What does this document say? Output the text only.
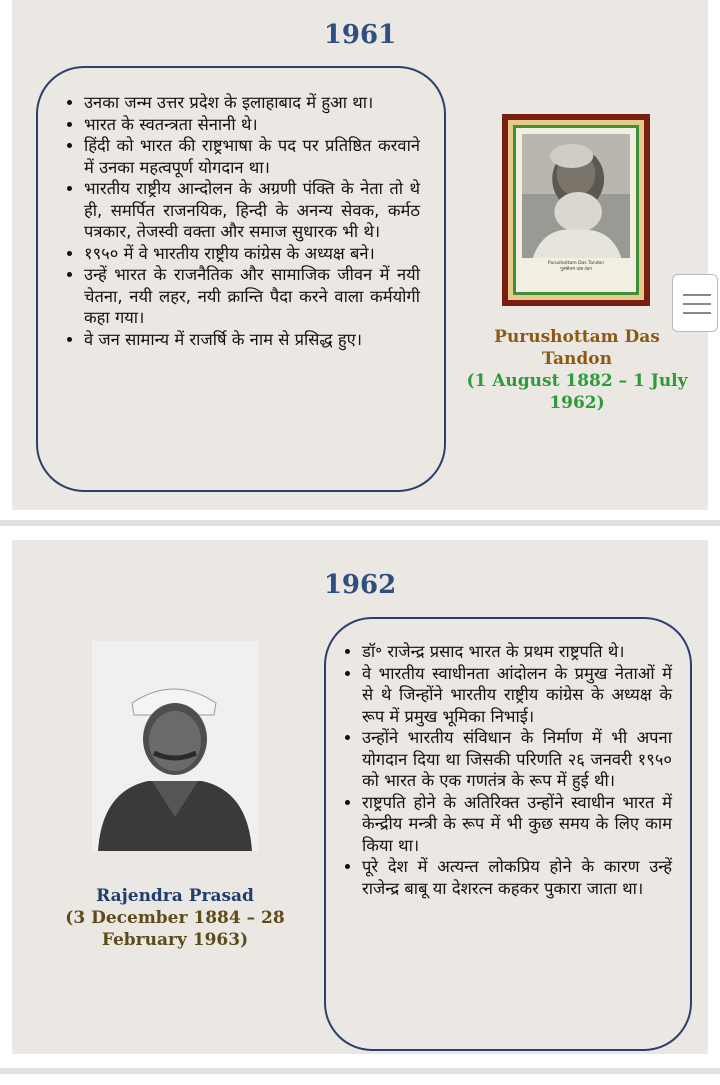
1961
• उनका जन्म उत्तर प्रदेश के इलाहाबाद में हुआ था।
• भारत के स्वतन्त्रता सेनानी थे।
• हिंदी को भारत की राष्ट्रभाषा के पद पर प्रतिष्ठित करवाने में उनका महत्वपूर्ण योगदान था।
• भारतीय राष्ट्रीय आन्दोलन के अग्रणी पंक्ति के नेता तो थे ही, समर्पित राजनयिक, हिन्दी के अनन्य सेवक, कर्मठ पत्रकार, तेजस्वी वक्ता और समाज सुधारक भी थे।
• १९५० में वे भारतीय राष्ट्रीय कांग्रेस के अध्यक्ष बने।
• उन्हें भारत के राजनैतिक और सामाजिक जीवन में नयी चेतना, नयी लहर, नयी क्रान्ति पैदा करने वाला कर्मयोगी कहा गया।
• वे जन सामान्य में राजर्षि के नाम से प्रसिद्ध हुए।
Purushottam Das Tandon
पुरुषोत्तम दास टंडन
Purushottam Das Tandon
(1 August 1882 – 1 July 1962)
1962
• डॉ॰ राजेन्द्र प्रसाद भारत के प्रथम राष्ट्रपति थे।
• वे भारतीय स्वाधीनता आंदोलन के प्रमुख नेताओं में से थे जिन्होंने भारतीय राष्ट्रीय कांग्रेस के अध्यक्ष के रूप में प्रमुख भूमिका निभाई।
• उन्होंने भारतीय संविधान के निर्माण में भी अपना योगदान दिया था जिसकी परिणति २६ जनवरी १९५० को भारत के एक गणतंत्र के रूप में हुई थी।
• राष्ट्रपति होने के अतिरिक्त उन्होंने स्वाधीन भारत में केन्द्रीय मन्त्री के रूप में भी कुछ समय के लिए काम किया था।
• पूरे देश में अत्यन्त लोकप्रिय होने के कारण उन्हें राजेन्द्र बाबू या देशरत्न कहकर पुकारा जाता था।
Rajendra Prasad
(3 December 1884 – 28 February 1963)
